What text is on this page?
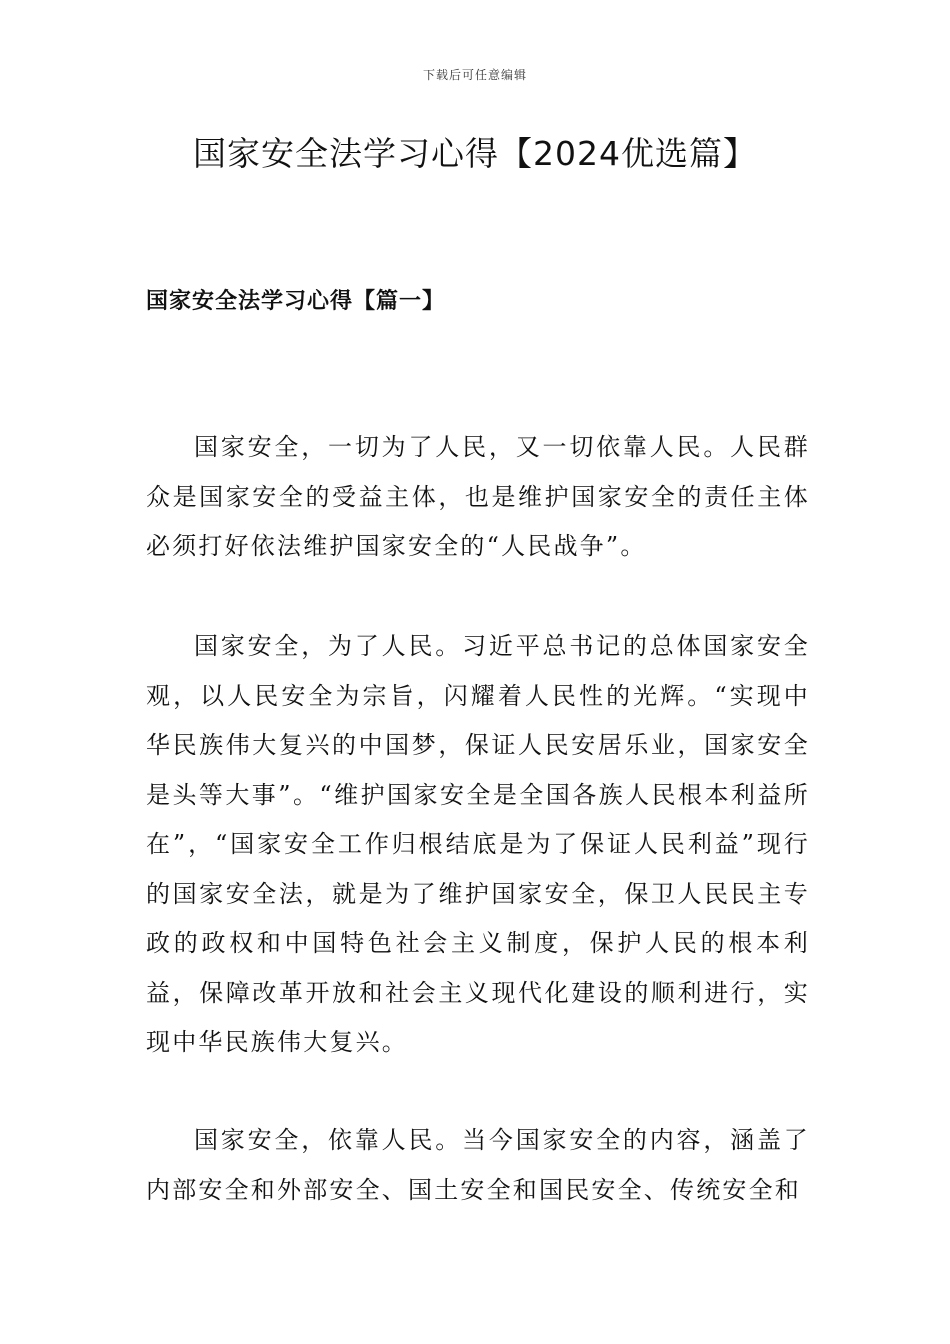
下载后可任意编辑
国家安全法学习心得【2024优选篇】
国家安全法学习心得【篇一】

国家安全，一切为了人民，又一切依靠人民。人民群众是国家安全的受益主体，也是维护国家安全的责任主体必须打好依法维护国家安全的“人民战争”。

国家安全，为了人民。习近平总书记的总体国家安全观，以人民安全为宗旨，闪耀着人民性的光辉。“实现中华民族伟大复兴的中国梦，保证人民安居乐业，国家安全是头等大事”。“维护国家安全是全国各族人民根本利益所在”，“国家安全工作归根结底是为了保证人民利益”现行的国家安全法，就是为了维护国家安全，保卫人民民主专政的政权和中国特色社会主义制度，保护人民的根本利益，保障改革开放和社会主义现代化建设的顺利进行，实现中华民族伟大复兴。

国家安全，依靠人民。当今国家安全的内容，涵盖了内部安全和外部安全、国土安全和国民安全、传统安全和
